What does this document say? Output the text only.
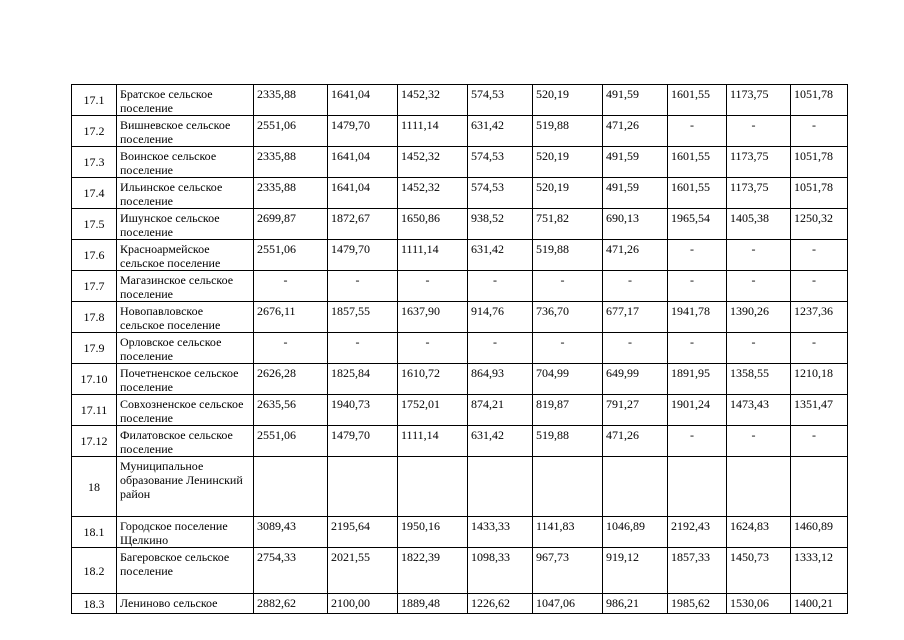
17.1	Братское сельское поселение	2335,88	1641,04	1452,32	574,53	520,19	491,59	1601,55	1173,75	1051,78
17.2	Вишневское сельское поселение	2551,06	1479,70	1111,14	631,42	519,88	471,26	-	-	-
17.3	Воинское сельское поселение	2335,88	1641,04	1452,32	574,53	520,19	491,59	1601,55	1173,75	1051,78
17.4	Ильинское сельское поселение	2335,88	1641,04	1452,32	574,53	520,19	491,59	1601,55	1173,75	1051,78
17.5	Ишунское сельское поселение	2699,87	1872,67	1650,86	938,52	751,82	690,13	1965,54	1405,38	1250,32
17.6	Красноармейское сельское поселение	2551,06	1479,70	1111,14	631,42	519,88	471,26	-	-	-
17.7	Магазинское сельское поселение	-	-	-	-	-	-	-	-	-
17.8	Новопавловское сельское поселение	2676,11	1857,55	1637,90	914,76	736,70	677,17	1941,78	1390,26	1237,36
17.9	Орловское сельское поселение	-	-	-	-	-	-	-	-	-
17.10	Почетненское сельское поселение	2626,28	1825,84	1610,72	864,93	704,99	649,99	1891,95	1358,55	1210,18
17.11	Совхозненское сельское поселение	2635,56	1940,73	1752,01	874,21	819,87	791,27	1901,24	1473,43	1351,47
17.12	Филатовское сельское поселение	2551,06	1479,70	1111,14	631,42	519,88	471,26	-	-	-
18	Муниципальное образование Ленинский район									
18.1	Городское поселение Щелкино	3089,43	2195,64	1950,16	1433,33	1141,83	1046,89	2192,43	1624,83	1460,89
18.2	Багеровское сельское поселение	2754,33	2021,55	1822,39	1098,33	967,73	919,12	1857,33	1450,73	1333,12
18.3	Лениново сельское	2882,62	2100,00	1889,48	1226,62	1047,06	986,21	1985,62	1530,06	1400,21
